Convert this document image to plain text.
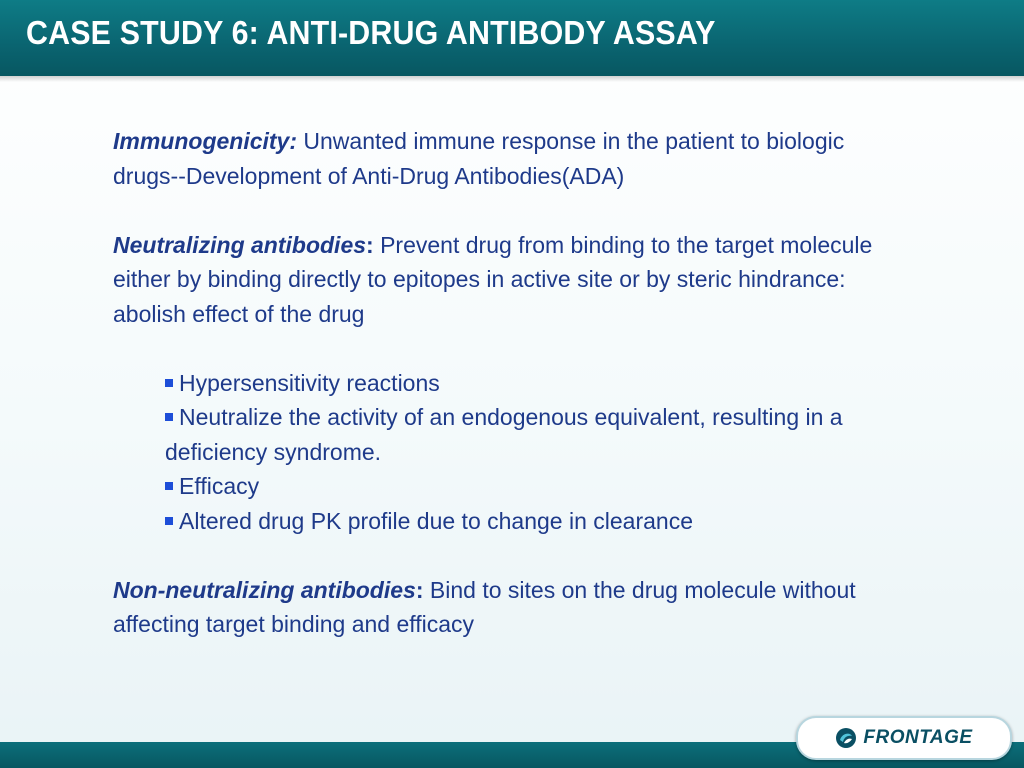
CASE STUDY 6: ANTI-DRUG ANTIBODY ASSAY

Immunogenicity: Unwanted immune response in the patient to biologic drugs--Development of Anti-Drug Antibodies(ADA)

Neutralizing antibodies: Prevent drug from binding to the target molecule either by binding directly to epitopes in active site or by steric hindrance: abolish effect of the drug

Hypersensitivity reactions
Neutralize the activity of an endogenous equivalent, resulting in a deficiency syndrome.
Efficacy
Altered drug PK profile due to change in clearance

Non-neutralizing antibodies: Bind to sites on the drug molecule without affecting target binding and efficacy

FRONTAGE
